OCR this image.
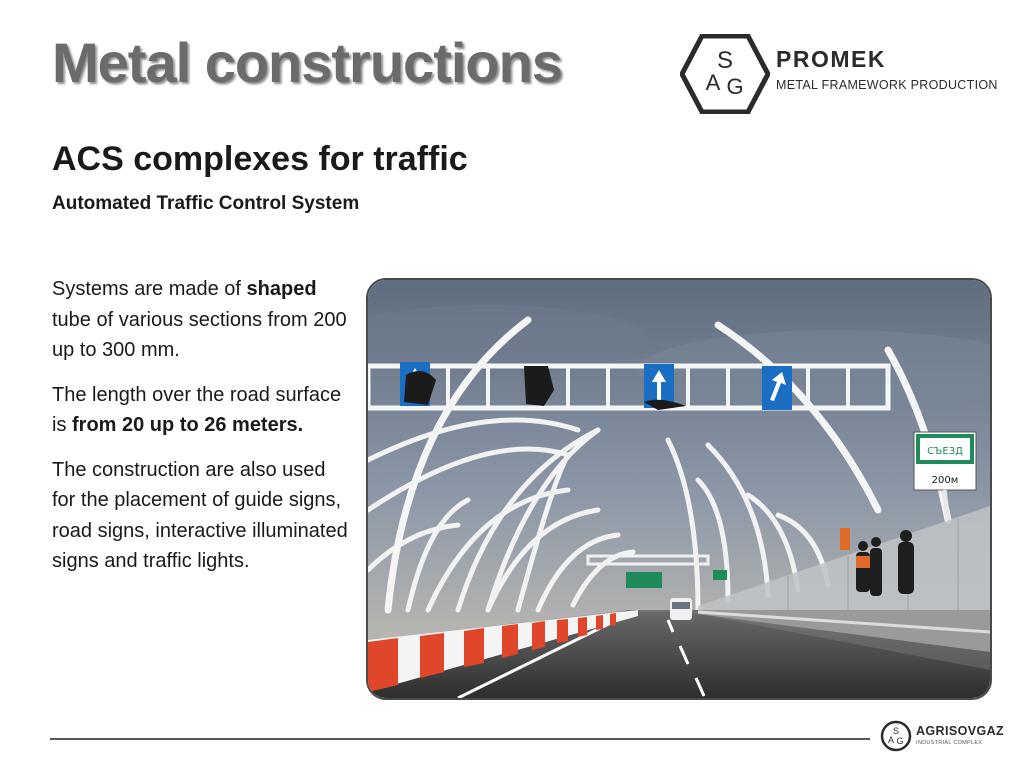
Metal constructions	S
A G
PROMEK
METAL FRAMEWORK PRODUCTION
ACS complexes for traffic
Automated Traffic Control System

Systems are made of shaped tube of various sections from 200 up to 300 mm.

The length over the road surface is from 20 up to 26 meters.

The construction are also used for the placement of guide signs, road signs, interactive illuminated signs and traffic lights.

СЪЕЗД
200м
S
A G
AGRISOVGAZ
INDUSTRIAL COMPLEX
